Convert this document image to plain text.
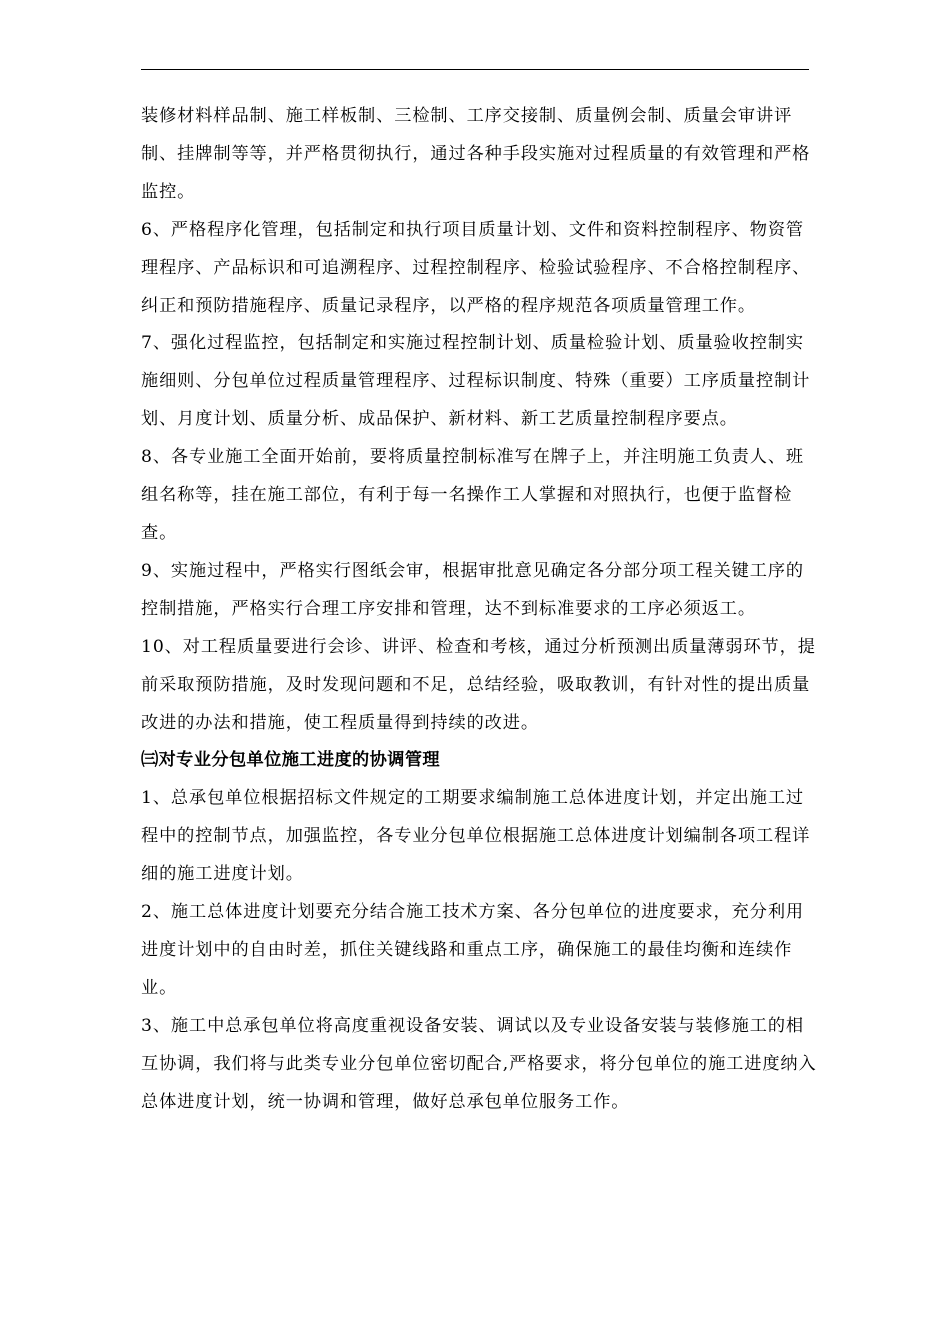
装修材料样品制、施工样板制、三检制、工序交接制、质量例会制、质量会审讲评制、挂牌制等等，并严格贯彻执行，通过各种手段实施对过程质量的有效管理和严格监控。

6、严格程序化管理，包括制定和执行项目质量计划、文件和资料控制程序、物资管理程序、产品标识和可追溯程序、过程控制程序、检验试验程序、不合格控制程序、纠正和预防措施程序、质量记录程序，以严格的程序规范各项质量管理工作。

7、强化过程监控，包括制定和实施过程控制计划、质量检验计划、质量验收控制实施细则、分包单位过程质量管理程序、过程标识制度、特殊（重要）工序质量控制计划、月度计划、质量分析、成品保护、新材料、新工艺质量控制程序要点。

8、各专业施工全面开始前，要将质量控制标准写在牌子上，并注明施工负责人、班组名称等，挂在施工部位，有利于每一名操作工人掌握和对照执行，也便于监督检查。

9、实施过程中，严格实行图纸会审，根据审批意见确定各分部分项工程关键工序的控制措施，严格实行合理工序安排和管理，达不到标准要求的工序必须返工。

10、对工程质量要进行会诊、讲评、检查和考核，通过分析预测出质量薄弱环节，提前采取预防措施，及时发现问题和不足，总结经验，吸取教训，有针对性的提出质量改进的办法和措施，使工程质量得到持续的改进。

㈢对专业分包单位施工进度的协调管理

1、总承包单位根据招标文件规定的工期要求编制施工总体进度计划，并定出施工过程中的控制节点，加强监控，各专业分包单位根据施工总体进度计划编制各项工程详细的施工进度计划。

2、施工总体进度计划要充分结合施工技术方案、各分包单位的进度要求，充分利用进度计划中的自由时差，抓住关键线路和重点工序，确保施工的最佳均衡和连续作业。

3、施工中总承包单位将高度重视设备安装、调试以及专业设备安装与装修施工的相互协调，我们将与此类专业分包单位密切配合,严格要求，将分包单位的施工进度纳入总体进度计划，统一协调和管理，做好总承包单位服务工作。
